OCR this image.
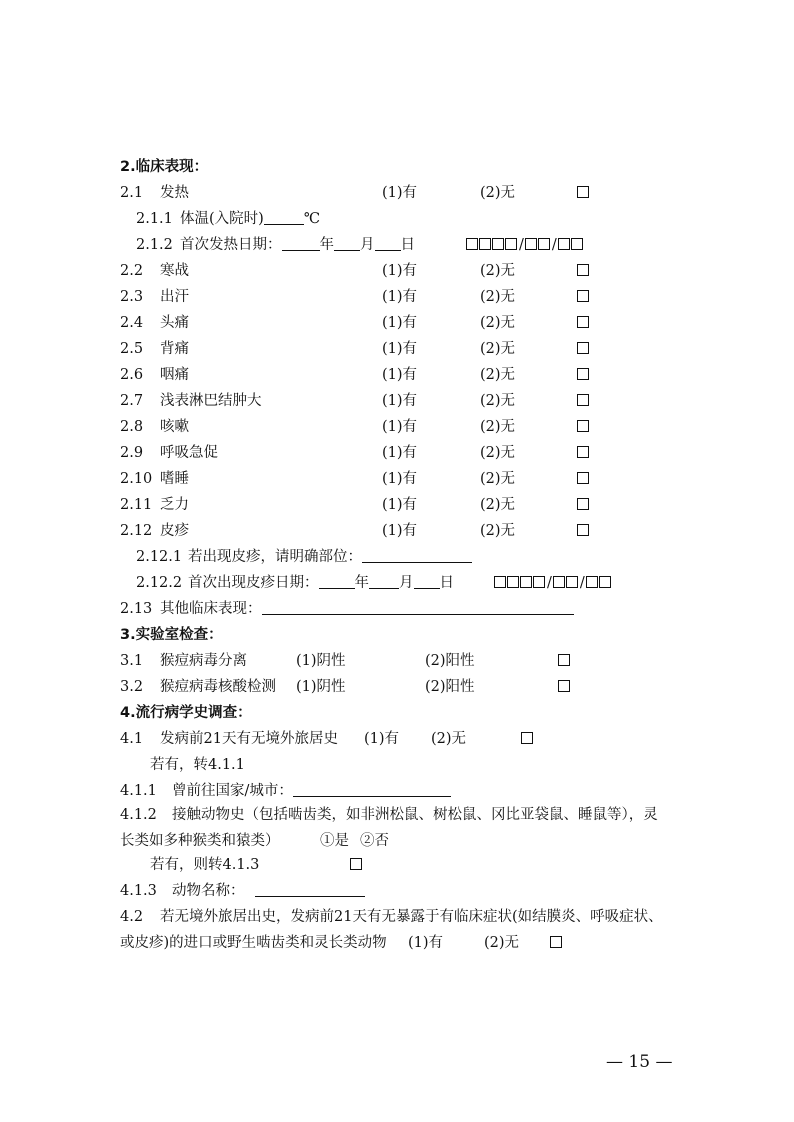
2.临床表现：
2.1 发热	(1)有	(2)无
2.1.1 体温(入院时)	℃
2.1.2 首次发热日期：	年 月 日	/ /
2.2 寒战	(1)有	(2)无
2.3 出汗	(1)有	(2)无
2.4 头痛	(1)有	(2)无
2.5 背痛	(1)有	(2)无
2.6 咽痛	(1)有	(2)无
2.7 浅表淋巴结肿大	(1)有	(2)无
2.8 咳嗽	(1)有	(2)无
2.9 呼吸急促	(1)有	(2)无
2.10 嗜睡	(1)有	(2)无
2.11 乏力	(1)有	(2)无
2.12 皮疹	(1)有	(2)无
2.12.1 若出现皮疹，请明确部位：
2.12.2 首次出现皮疹日期： 年 月 日	/ /
2.13 其他临床表现：
3.实验室检查：
3.1 猴痘病毒分离	(1)阴性	(2)阳性
3.2 猴痘病毒核酸检测 (1)阴性	(2)阳性
4.流行病学史调查：
4.1 发病前21天有无境外旅居史 (1)有 (2)无
若有，转4.1.1
4.1.1 曾前往国家/城市：
4.1.2 接触动物史（包括啮齿类，如非洲松鼠、树松鼠、冈比亚袋鼠、睡鼠等），灵
长类如多种猴类和猿类）	①是 ②否
若有，则转4.1.3
4.1.3 动物名称：
4.2 若无境外旅居出史，发病前21天有无暴露于有临床症状(如结膜炎、呼吸症状、
或皮疹)的进口或野生啮齿类和灵长类动物 (1)有	(2)无
— 15 —
